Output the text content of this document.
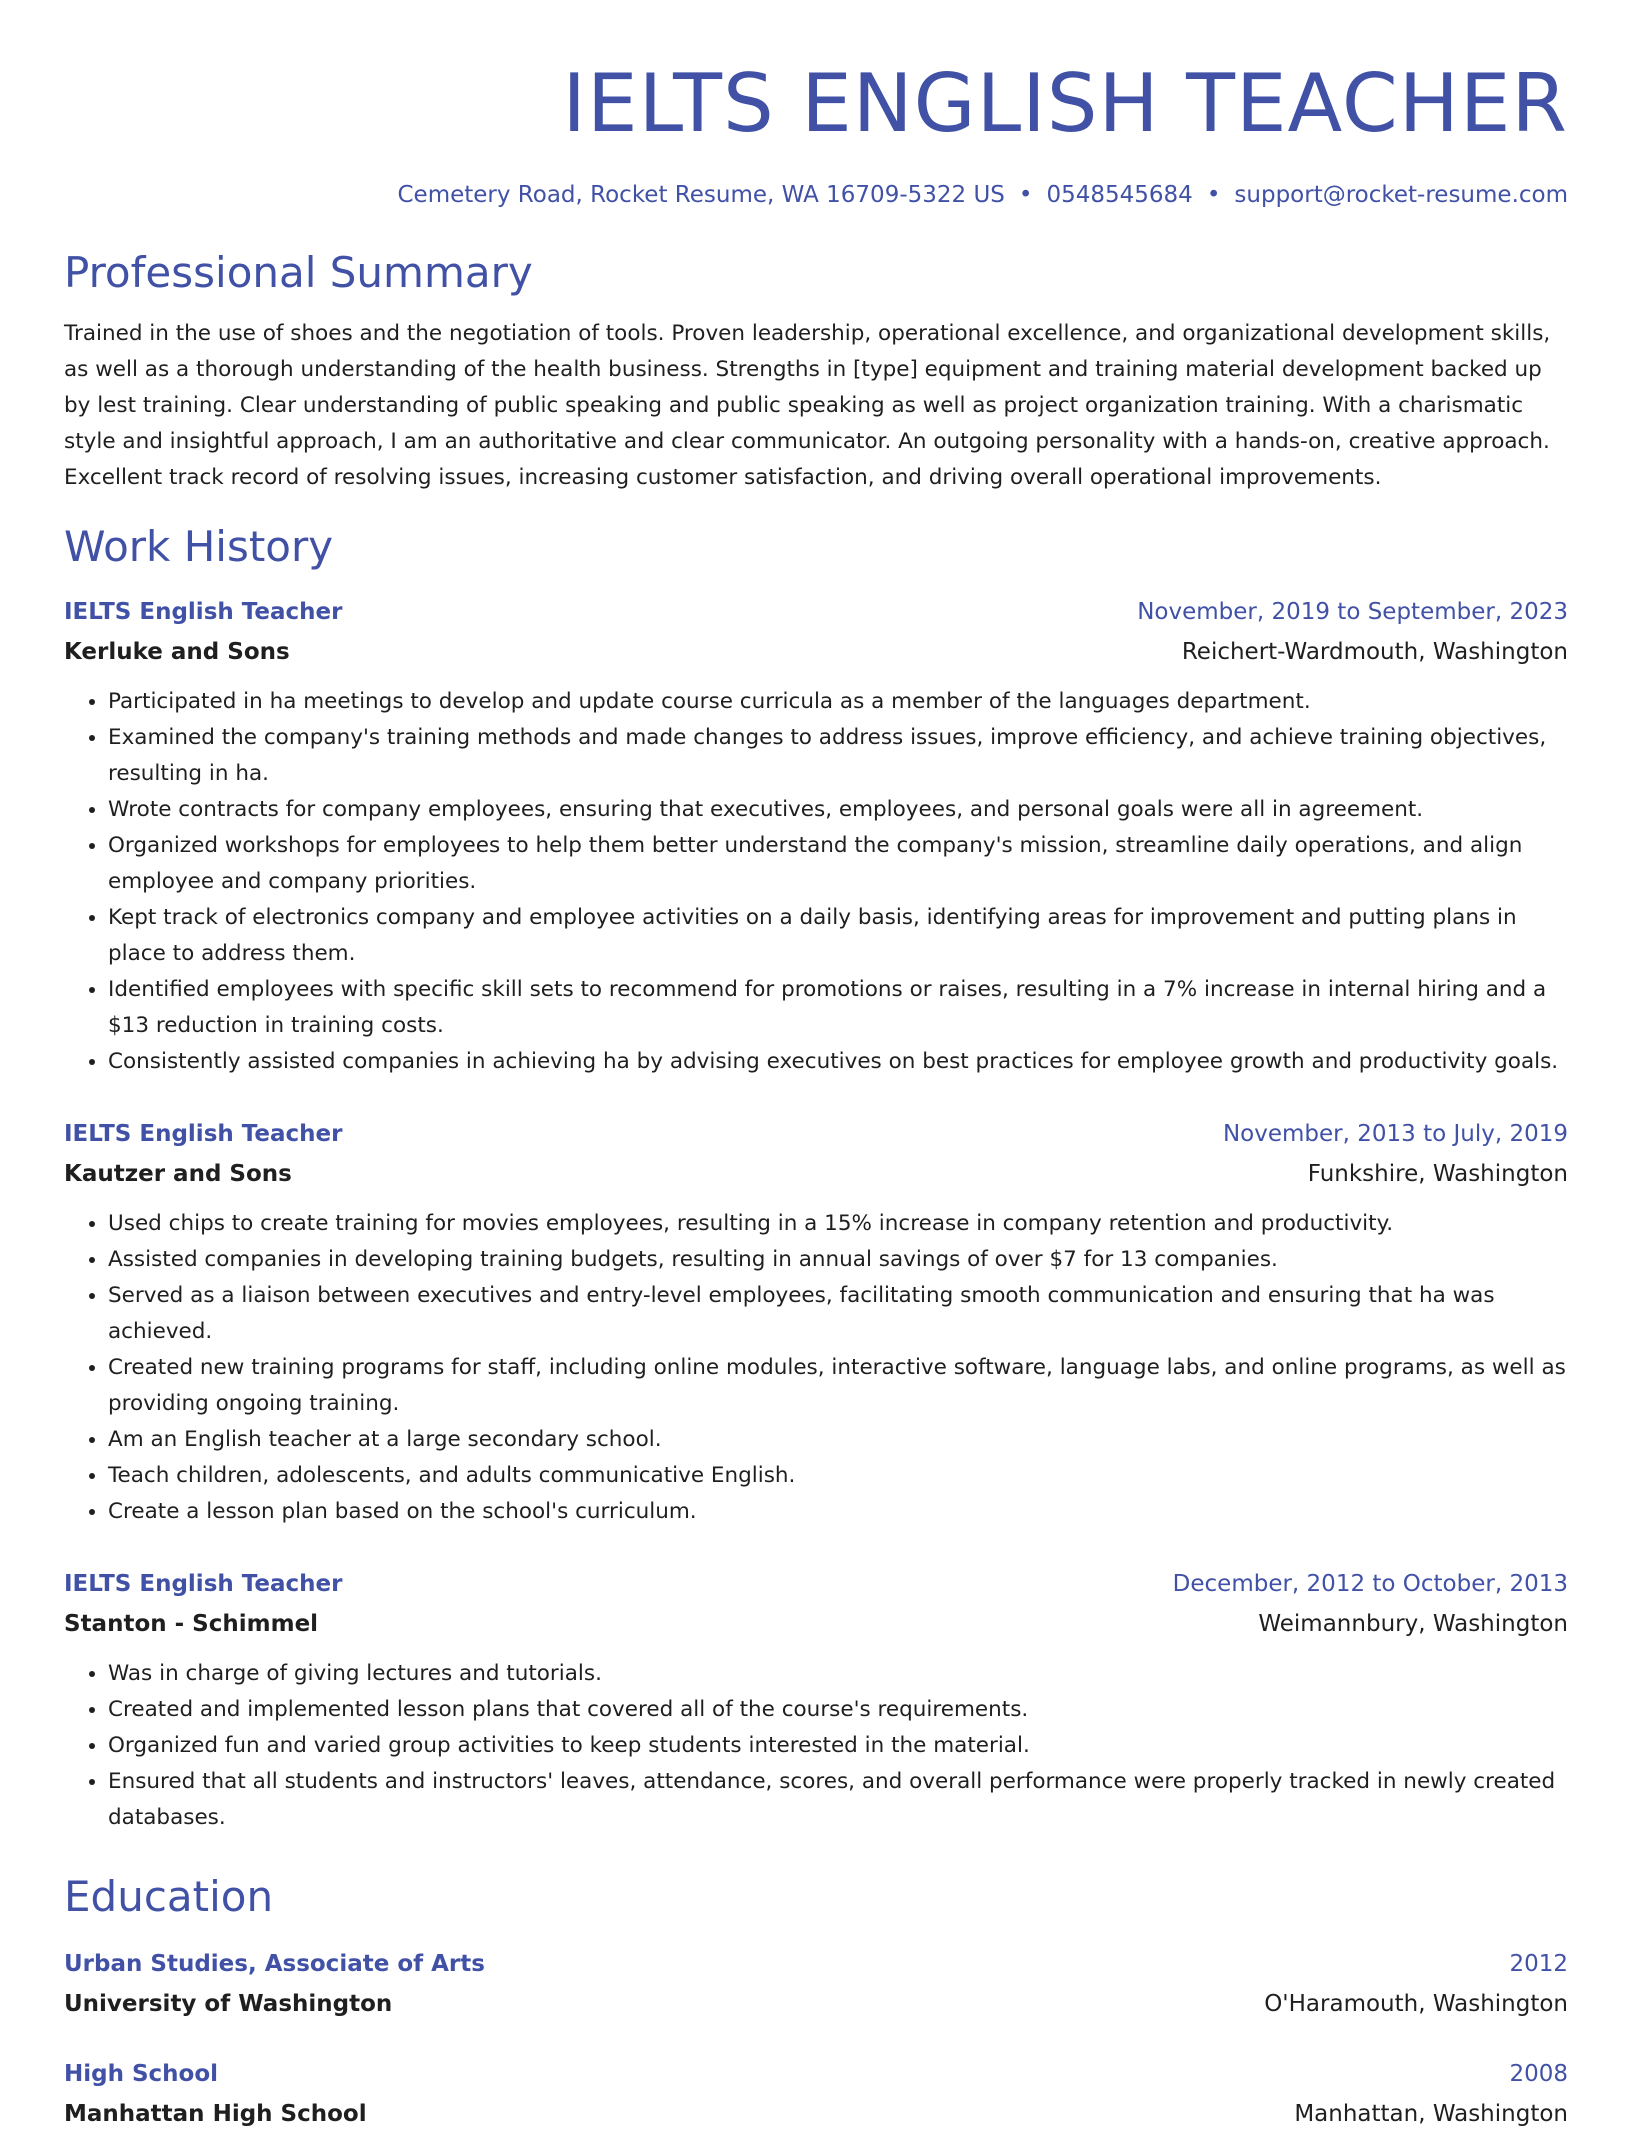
IELTS ENGLISH TEACHER
Cemetery Road, Rocket Resume, WA 16709-5322 US • 0548545684 • support@rocket-resume.com
Professional Summary
Trained in the use of shoes and the negotiation of tools. Proven leadership, operational excellence, and organizational development skills, as well as a thorough understanding of the health business. Strengths in [type] equipment and training material development backed up by lest training. Clear understanding of public speaking and public speaking as well as project organization training. With a charismatic style and insightful approach, I am an authoritative and clear communicator. An outgoing personality with a hands-on, creative approach. Excellent track record of resolving issues, increasing customer satisfaction, and driving overall operational improvements.
Work History
IELTS English Teacher	November, 2019 to September, 2023
Kerluke and Sons	Reichert-Wardmouth, Washington
• Participated in ha meetings to develop and update course curricula as a member of the languages department.
• Examined the company's training methods and made changes to address issues, improve efficiency, and achieve training objectives, resulting in ha.
• Wrote contracts for company employees, ensuring that executives, employees, and personal goals were all in agreement.
• Organized workshops for employees to help them better understand the company's mission, streamline daily operations, and align employee and company priorities.
• Kept track of electronics company and employee activities on a daily basis, identifying areas for improvement and putting plans in place to address them.
• Identified employees with specific skill sets to recommend for promotions or raises, resulting in a 7% increase in internal hiring and a $13 reduction in training costs.
• Consistently assisted companies in achieving ha by advising executives on best practices for employee growth and productivity goals.
IELTS English Teacher	November, 2013 to July, 2019
Kautzer and Sons	Funkshire, Washington
• Used chips to create training for movies employees, resulting in a 15% increase in company retention and productivity.
• Assisted companies in developing training budgets, resulting in annual savings of over $7 for 13 companies.
• Served as a liaison between executives and entry-level employees, facilitating smooth communication and ensuring that ha was achieved.
• Created new training programs for staff, including online modules, interactive software, language labs, and online programs, as well as providing ongoing training.
• Am an English teacher at a large secondary school.
• Teach children, adolescents, and adults communicative English.
• Create a lesson plan based on the school's curriculum.
IELTS English Teacher	December, 2012 to October, 2013
Stanton - Schimmel	Weimannbury, Washington
• Was in charge of giving lectures and tutorials.
• Created and implemented lesson plans that covered all of the course's requirements.
• Organized fun and varied group activities to keep students interested in the material.
• Ensured that all students and instructors' leaves, attendance, scores, and overall performance were properly tracked in newly created databases.
Education
Urban Studies, Associate of Arts	2012
University of Washington	O'Haramouth, Washington
High School	2008
Manhattan High School	Manhattan, Washington
